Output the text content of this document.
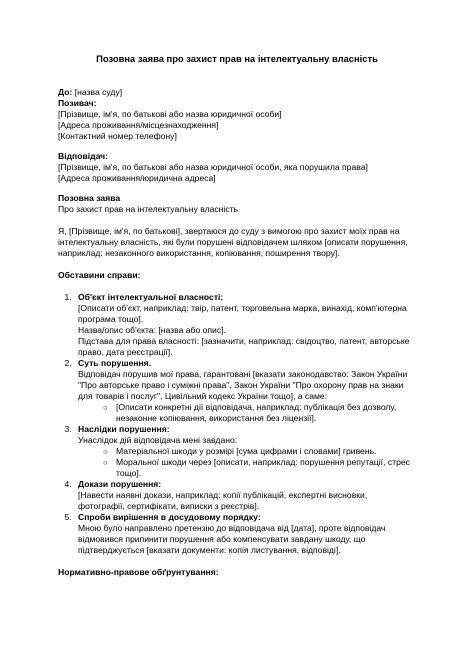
Позовна заява про захист прав на інтелектуальну власність

До: [назва суду]

Позивач:

[Прізвище, ім'я, по батькові або назва юридичної особи]

[Адреса проживання/місцезнаходження]

[Контактний номер телефону]

Відповідач:

[Прізвище, ім'я, по батькові або назва юридичної особи, яка порушила права]

[Адреса проживання/юридична адреса]

Позовна заява

Про захист прав на інтелектуальну власність

Я, [Прізвище, ім'я, по батькові], звертаюся до суду з вимогою про захист моїх прав на інтелектуальну власність, які були порушені відповідачем шляхом [описати порушення, наприклад: незаконного використання, копіювання, поширення твору].

Обставини справи:

1. Об'єкт інтелектуальної власності:

[Описати об'єкт, наприклад: твір, патент, торговельна марка, винахід, комп'ютерна програма тощо].

Назва/опис об'єкта: [назва або опис].

Підстава для права власності: [зазначити, наприклад: свідоцтво, патент, авторське право, дата реєстрації].

2. Суть порушення.

Відповідач порушив мої права, гарантовані [вказати законодавство: Закон України "Про авторське право і суміжні права", Закон України "Про охорону прав на знаки для товарів і послуг", Цивільний кодекс України тощо], а саме:

○ [Описати конкретні дії відповідача, наприклад: публікація без дозволу, незаконне копіювання, використання без ліцензії].
3. Наслідки порушення:

Унаслідок дій відповідача мені завдано:

○ Матеріальної шкоди у розмірі [сума цифрами і словами] гривень.
○ Моральної шкоди через [описати, наприклад: порушення репутації, стрес тощо].
4. Докази порушення:

[Навести наявні докази, наприклад: копії публікацій, експертні висновки, фотографії, сертифікати, виписки з реєстрів].

5. Спроби вирішення в досудовому порядку:

Мною було направлено претензію до відповідача від [дата], проте відповідач відмовився припинити порушення або компенсувати завдану шкоду, що підтверджується [вказати документи: копія листування, відповіді].

Нормативно-правове обґрунтування:
